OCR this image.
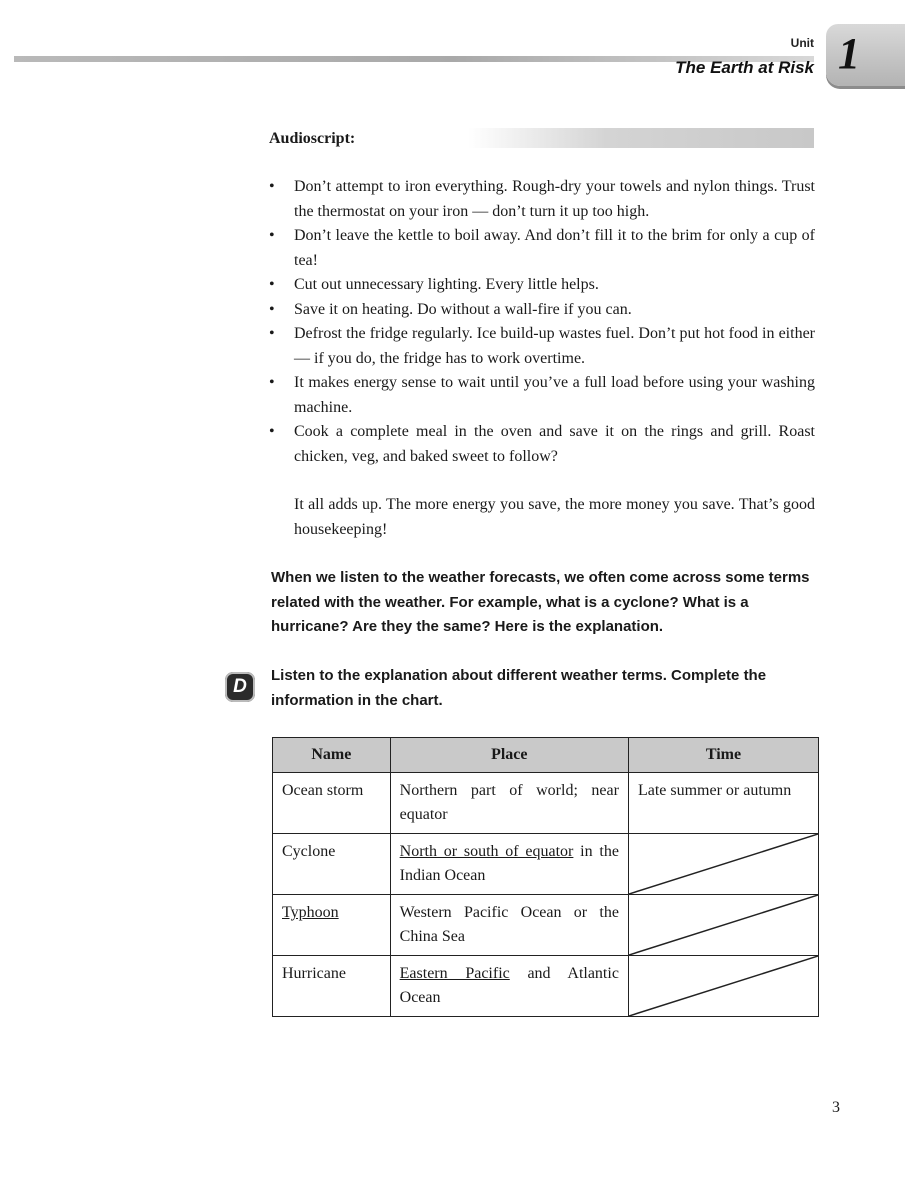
Unit
The Earth at Risk 1
Audioscript:
• Don’t attempt to iron everything. Rough-dry your towels and nylon things. Trust the thermostat on your iron — don’t turn it up too high.
• Don’t leave the kettle to boil away. And don’t fill it to the brim for only a cup of tea!
• Cut out unnecessary lighting. Every little helps.
• Save it on heating. Do without a wall-fire if you can.
• Defrost the fridge regularly. Ice build-up wastes fuel. Don’t put hot food in either — if you do, the fridge has to work overtime.
• It makes energy sense to wait until you’ve a full load before using your washing machine.
• Cook a complete meal in the oven and save it on the rings and grill. Roast chicken, veg, and baked sweet to follow?

It all adds up. The more energy you save, the more money you save. That’s good housekeeping!

When we listen to the weather forecasts, we often come across some terms related with the weather. For example, what is a cyclone? What is a hurricane? Are they the same? Here is the explanation.

D

Listen to the explanation about different weather terms. Complete the information in the chart.

Name	Place	Time
Ocean storm	Northern part of world; near equator	Late summer or autumn
Cyclone	North or south of equator in the Indian Ocean	

Typhoon	Western Pacific Ocean or the China Sea	

Hurricane	Eastern Pacific and Atlantic Ocean	
3
